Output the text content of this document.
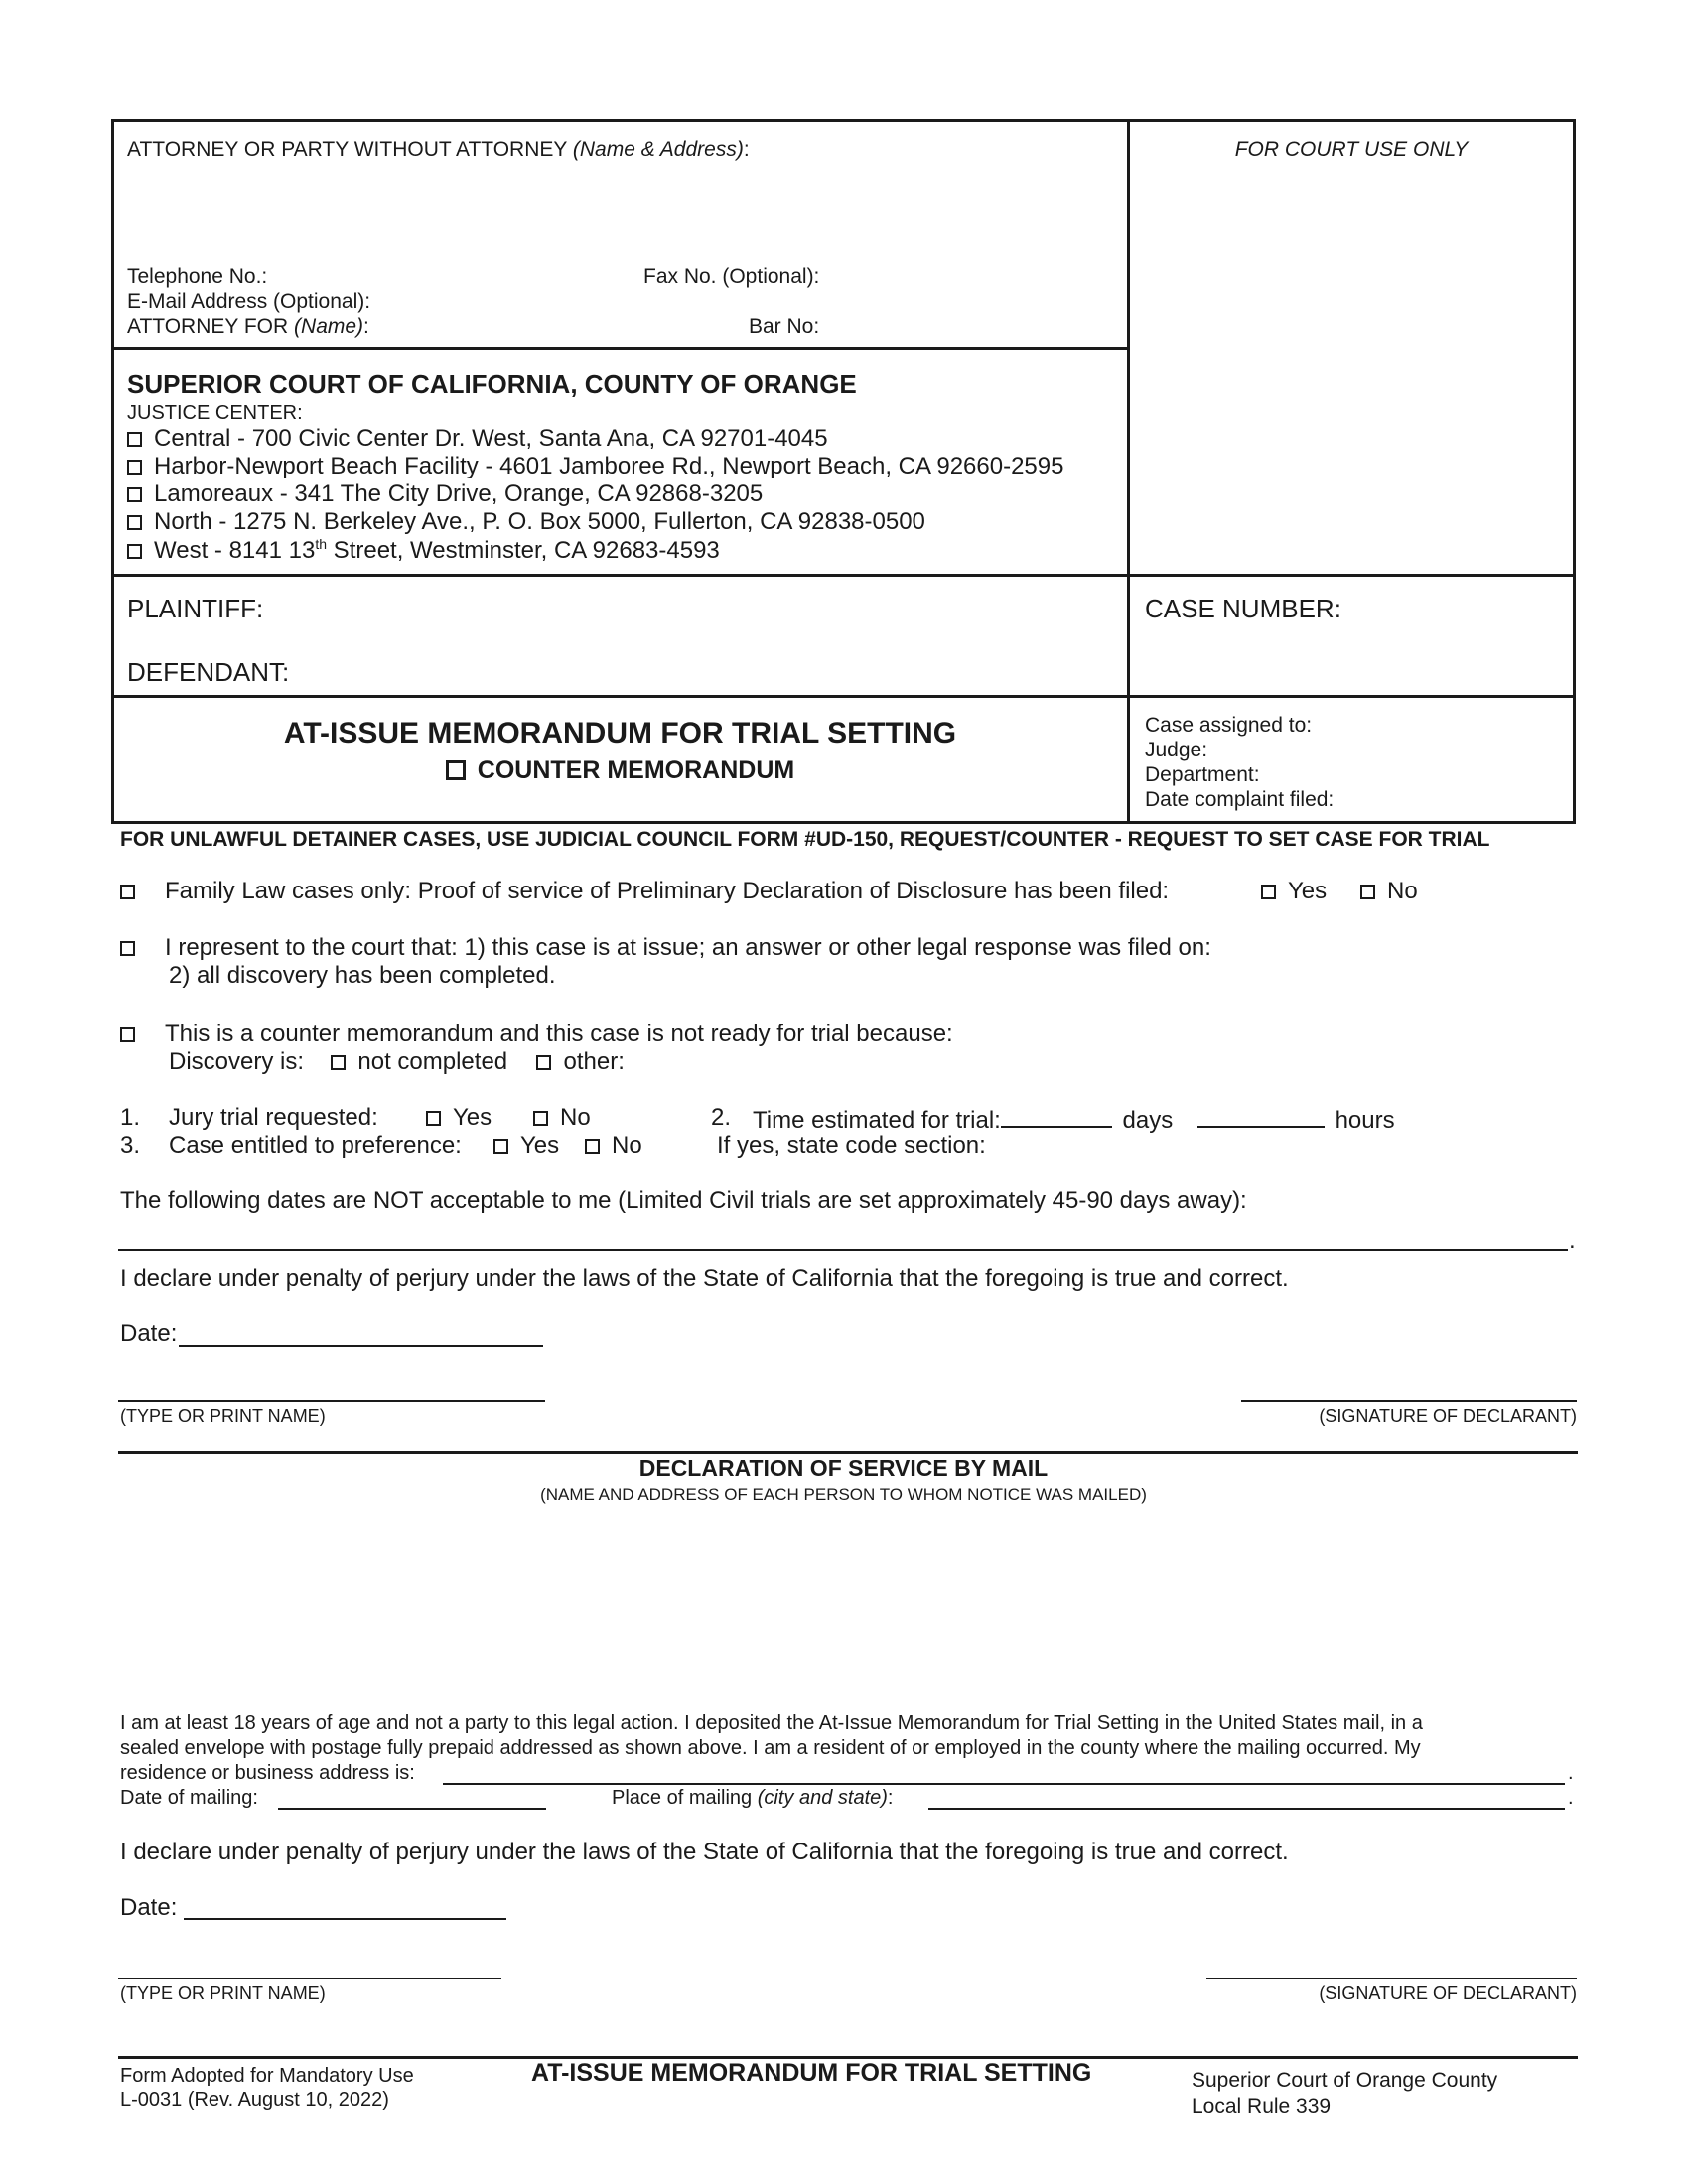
ATTORNEY OR PARTY WITHOUT ATTORNEY (Name & Address):	FOR COURT USE ONLY
Telephone No.:	Fax No. (Optional):
E-Mail Address (Optional):
ATTORNEY FOR (Name):	Bar No:
SUPERIOR COURT OF CALIFORNIA, COUNTY OF ORANGE
JUSTICE CENTER:
Central - 700 Civic Center Dr. West, Santa Ana, CA 92701-4045
Harbor-Newport Beach Facility - 4601 Jamboree Rd., Newport Beach, CA 92660-2595
Lamoreaux - 341 The City Drive, Orange, CA 92868-3205
North - 1275 N. Berkeley Ave., P. O. Box 5000, Fullerton, CA 92838-0500
West - 8141 13th Street, Westminster, CA 92683-4593
PLAINTIFF:
DEFENDANT:
CASE NUMBER:
AT-ISSUE MEMORANDUM FOR TRIAL SETTING
COUNTER MEMORANDUM
Case assigned to:
Judge:
Department:
Date complaint filed:
FOR UNLAWFUL DETAINER CASES, USE JUDICIAL COUNCIL FORM #UD-150, REQUEST/COUNTER - REQUEST TO SET CASE FOR TRIAL
Family Law cases only: Proof of service of Preliminary Declaration of Disclosure has been filed:	Yes	No
I represent to the court that: 1) this case is at issue; an answer or other legal response was filed on:
2) all discovery has been completed.
This is a counter memorandum and this case is not ready for trial because:
Discovery is: not completed other:
1. Jury trial requested:	Yes	No	2. Time estimated for trial:	days	hours
3. Case entitled to preference:	Yes	No	If yes, state code section:
The following dates are NOT acceptable to me (Limited Civil trials are set approximately 45-90 days away):
.
I declare under penalty of perjury under the laws of the State of California that the foregoing is true and correct.
Date:
(TYPE OR PRINT NAME)	(SIGNATURE OF DECLARANT)
DECLARATION OF SERVICE BY MAIL
(NAME AND ADDRESS OF EACH PERSON TO WHOM NOTICE WAS MAILED)
I am at least 18 years of age and not a party to this legal action. I deposited the At-Issue Memorandum for Trial Setting in the United States mail, in a
sealed envelope with postage fully prepaid addressed as shown above. I am a resident of or employed in the county where the mailing occurred. My
residence or business address is:	.
Date of mailing:	Place of mailing (city and state):	.
I declare under penalty of perjury under the laws of the State of California that the foregoing is true and correct.
Date:
(TYPE OR PRINT NAME)	(SIGNATURE OF DECLARANT)
Form Adopted for Mandatory Use
L-0031 (Rev. August 10, 2022)
AT-ISSUE MEMORANDUM FOR TRIAL SETTING	Superior Court of Orange County
Local Rule 339
